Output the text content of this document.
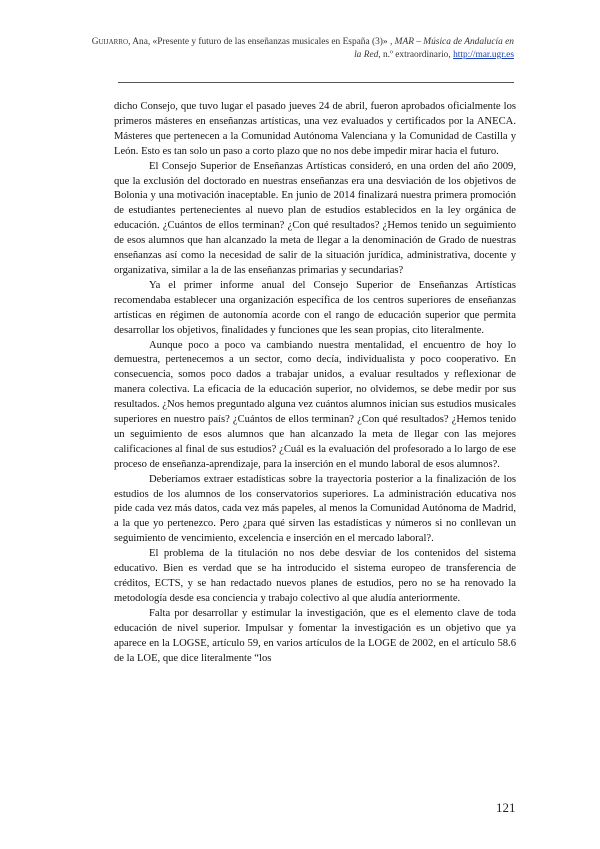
Guijarro, Ana, «Presente y futuro de las enseñanzas musicales en España (3)» , MAR – Música de Andalucía en la Red, n.º extraordinario, http://mar.ugr.es

dicho Consejo, que tuvo lugar el pasado jueves 24 de abril, fueron aprobados oficialmente los primeros másteres en enseñanzas artísticas, una vez evaluados y certificados por la ANECA. Másteres que pertenecen a la Comunidad Autónoma Valenciana y la Comunidad de Castilla y León. Esto es tan solo un paso a corto plazo que no nos debe impedir mirar hacia el futuro.

El Consejo Superior de Enseñanzas Artísticas consideró, en una orden del año 2009, que la exclusión del doctorado en nuestras enseñanzas era una desviación de los objetivos de Bolonia y una motivación inaceptable. En junio de 2014 finalizará nuestra primera promoción de estudiantes pertenecientes al nuevo plan de estudios establecidos en la ley orgánica de educación. ¿Cuántos de ellos terminan? ¿Con qué resultados? ¿Hemos tenido un seguimiento de esos alumnos que han alcanzado la meta de llegar a la denominación de Grado de nuestras enseñanzas así como la necesidad de salir de la situación jurídica, administrativa, docente y organizativa, similar a la de las enseñanzas primarias y secundarias?

Ya el primer informe anual del Consejo Superior de Enseñanzas Artísticas recomendaba establecer una organización específica de los centros superiores de enseñanzas artísticas en régimen de autonomía acorde con el rango de educación superior que permita desarrollar los objetivos, finalidades y funciones que les sean propias, cito literalmente.

Aunque poco a poco va cambiando nuestra mentalidad, el encuentro de hoy lo demuestra, pertenecemos a un sector, como decía, individualista y poco cooperativo. En consecuencia, somos poco dados a trabajar unidos, a evaluar resultados y reflexionar de manera colectiva. La eficacia de la educación superior, no olvidemos, se debe medir por sus resultados. ¿Nos hemos preguntado alguna vez cuántos alumnos inician sus estudios musicales superiores en nuestro país? ¿Cuántos de ellos terminan? ¿Con qué resultados? ¿Hemos tenido un seguimiento de esos alumnos que han alcanzado la meta de llegar con las mejores calificaciones al final de sus estudios? ¿Cuál es la evaluación del profesorado a lo largo de ese proceso de enseñanza-aprendizaje, para la inserción en el mundo laboral de esos alumnos?.

Deberíamos extraer estadísticas sobre la trayectoria posterior a la finalización de los estudios de los alumnos de los conservatorios superiores. La administración educativa nos pide cada vez más datos, cada vez más papeles, al menos la Comunidad Autónoma de Madrid, a la que yo pertenezco. Pero ¿para qué sirven las estadísticas y números si no conllevan un seguimiento de vencimiento, excelencia e inserción en el mercado laboral?.

El problema de la titulación no nos debe desviar de los contenidos del sistema educativo. Bien es verdad que se ha introducido el sistema europeo de transferencia de créditos, ECTS, y se han redactado nuevos planes de estudios, pero no se ha renovado la metodología desde esa conciencia y trabajo colectivo al que aludía anteriormente.

Falta por desarrollar y estimular la investigación, que es el elemento clave de toda educación de nivel superior. Impulsar y fomentar la investigación es un objetivo que ya aparece en la LOGSE, artículo 59, en varios artículos de la LOGE de 2002, en el artículo 58.6 de la LOE, que dice literalmente “los

121
